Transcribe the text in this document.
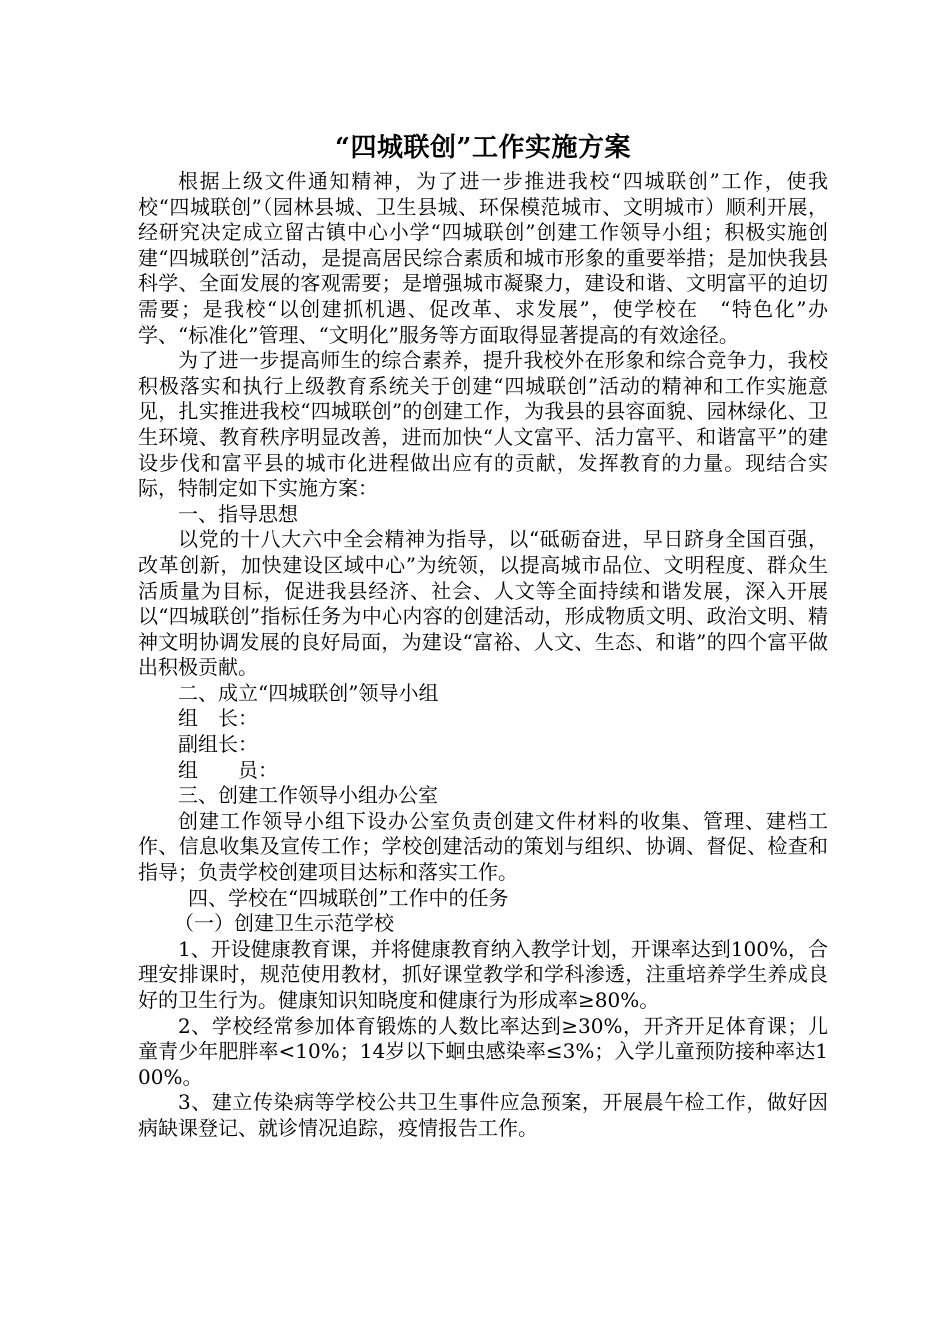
“四城联创”工作实施方案

根据上级文件通知精神，为了进一步推进我校“四城联创”工作，使我校“四城联创”（园林县城、卫生县城、环保模范城市、文明城市）顺利开展，经研究决定成立留古镇中心小学“四城联创”创建工作领导小组；积极实施创建“四城联创”活动，是提高居民综合素质和城市形象的重要举措；是加快我县科学、全面发展的客观需要；是增强城市凝聚力，建设和谐、文明富平的迫切需要；是我校“以创建抓机遇、促改革、求发展”，使学校在　“特色化”办学、“标准化”管理、“文明化”服务等方面取得显著提高的有效途径。

为了进一步提高师生的综合素养，提升我校外在形象和综合竞争力，我校积极落实和执行上级教育系统关于创建“四城联创”活动的精神和工作实施意见，扎实推进我校“四城联创”的创建工作，为我县的县容面貌、园林绿化、卫生环境、教育秩序明显改善，进而加快“人文富平、活力富平、和谐富平”的建设步伐和富平县的城市化进程做出应有的贡献，发挥教育的力量。现结合实际，特制定如下实施方案：

一、指导思想

以党的十八大六中全会精神为指导，以“砥砺奋进，早日跻身全国百强，改革创新，加快建设区域中心”为统领，以提高城市品位、文明程度、群众生活质量为目标，促进我县经济、社会、人文等全面持续和谐发展，深入开展以“四城联创”指标任务为中心内容的创建活动，形成物质文明、政治文明、精神文明协调发展的良好局面，为建设“富裕、人文、生态、和谐”的四个富平做出积极贡献。

二、成立“四城联创”领导小组

组　长：

副组长：

组　　员：

三、创建工作领导小组办公室

创建工作领导小组下设办公室负责创建文件材料的收集、管理、建档工作、信息收集及宣传工作；学校创建活动的策划与组织、协调、督促、检查和指导；负责学校创建项目达标和落实工作。

四、学校在“四城联创”工作中的任务

（一）创建卫生示范学校

1、开设健康教育课，并将健康教育纳入教学计划，开课率达到100%，合理安排课时，规范使用教材，抓好课堂教学和学科渗透，注重培养学生养成良好的卫生行为。健康知识知晓度和健康行为形成率≥80%。

2、学校经常参加体育锻炼的人数比率达到≥30%，开齐开足体育课；儿童青少年肥胖率<10%；14岁以下蛔虫感染率≤3%；入学儿童预防接种率达100%。

3、建立传染病等学校公共卫生事件应急预案，开展晨午检工作，做好因病缺课登记、就诊情况追踪，疫情报告工作。
